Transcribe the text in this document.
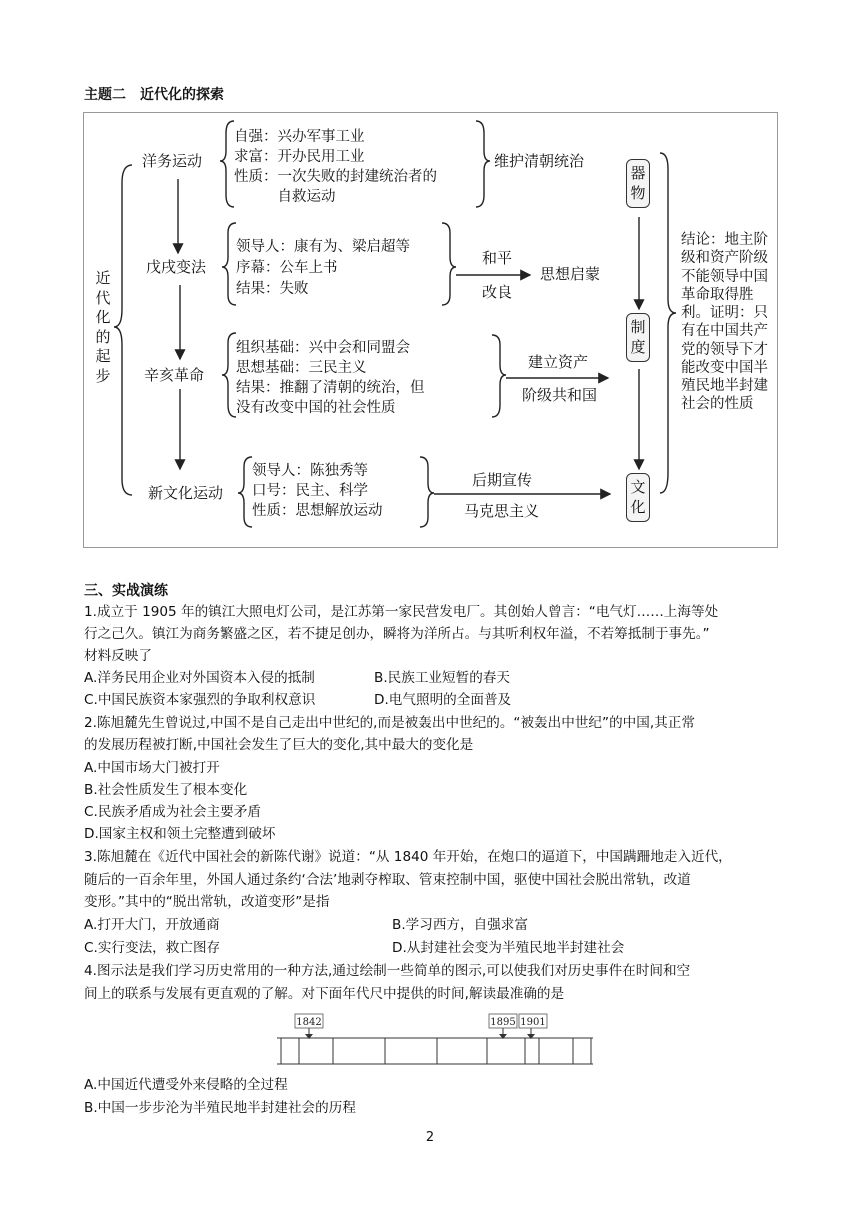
主题二　近代化的探索
近
代
化
的
起
步
洋务运动
戊戌变法
辛亥革命
新文化运动
自强：兴办军事工业
求富：开办民用工业
性质：一次失败的封建统治者的
　　　自救运动
领导人：康有为、梁启超等
序幕：公车上书
结果：失败
组织基础：兴中会和同盟会
思想基础：三民主义
结果：推翻了清朝的统治，但
没有改变中国的社会性质
领导人：陈独秀等
口号：民主、科学
性质：思想解放运动
维护清朝统治
和平
改良
思想启蒙
建立资产
阶级共和国
后期宣传
马克思主义
器
物
制
度
文
化
结论：地主阶级和资产阶级不能领导中国革命取得胜利。证明：只有在中国共产党的领导下才能改变中国半殖民地半封建社会的性质
三、实战演练
1.成立于 1905 年的镇江大照电灯公司，是江苏第一家民营发电厂。其创始人曾言：“电气灯……上海等处
行之己久。镇江为商务繁盛之区，若不捷足创办，瞬将为洋所占。与其听利权年溢，不若筹抵制于事先。”
材料反映了
A.洋务民用企业对外国资本入侵的抵制	B.民族工业短暂的春天
C.中国民族资本家强烈的争取利权意识	D.电气照明的全面普及
2.陈旭麓先生曾说过,中国不是自己走出中世纪的,而是被轰出中世纪的。“被轰出中世纪”的中国,其正常
的发展历程被打断,中国社会发生了巨大的变化,其中最大的变化是
A.中国市场大门被打开
B.社会性质发生了根本变化
C.民族矛盾成为社会主要矛盾
D.国家主权和领土完整遭到破坏
3.陈旭麓在《近代中国社会的新陈代谢》说道：“从 1840 年开始，在炮口的逼道下，中国蹒跚地走入近代，
随后的一百余年里，外国人通过条约‘合法’地剥夺榨取、管束控制中国，驱使中国社会脱出常轨，改道
变形。”其中的“脱出常轨，改道变形”是指
A.打开大门，开放通商	B.学习西方，自强求富
C.实行变法，救亡图存	D.从封建社会变为半殖民地半封建社会
4.图示法是我们学习历史常用的一种方法,通过绘制一些简单的图示,可以使我们对历史事件在时间和空
间上的联系与发展有更直观的了解。对下面年代尺中提供的时间,解读最准确的是
1842	1895 1901
A.中国近代遭受外来侵略的全过程
B.中国一步步沦为半殖民地半封建社会的历程
2
